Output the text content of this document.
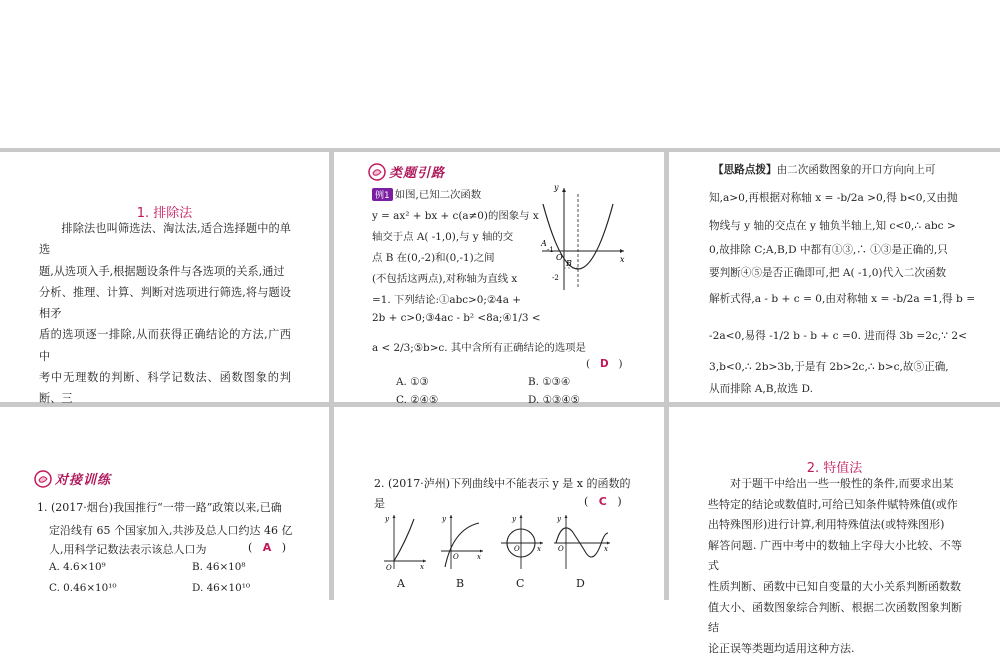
1. 排除法
排除法也叫筛选法、淘汰法,适合选择题中的单选
题,从选项入手,根据题设条件与各选项的关系,通过
分析、推理、计算、判断对选项进行筛选,将与题设相矛
盾的选项逐一排除,从而获得正确结论的方法,广西中
考中无理数的判断、科学记数法、函数图象的判断、三
类题引路
例1 如图,已知二次函数
y = ax² + bx + c(a≠0)的图象与 x
轴交于点 A( -1,0),与 y 轴的交
点 B 在(0,-2)和(0,-1)之间
(不包括这两点),对称轴为直线 x
=1. 下列结论:①abc>0;②4a +
2b + c>0;③4ac - b² <8a;④1/3 <
a < 2/3;⑤b>c. 其中含所有正确结论的选项是
(   D   )
A. ①③	B. ①③④
C. ②④⑤	D. ①③④⑤
y
x
O
A
B
-1
-2
【思路点拨】由二次函数图象的开口方向向上可
知,a>0,再根据对称轴 x = -b/2a >0,得 b<0,又由抛
物线与 y 轴的交点在 y 轴负半轴上,知 c<0,∴ abc >
0,故排除 C;A,B,D 中都有①③,∴ ①③是正确的,只
要判断④⑤是否正确即可,把 A( -1,0)代入二次函数
解析式得,a - b + c = 0,由对称轴 x = -b/2a =1,得 b =
-2a<0,易得 -1/2 b - b + c =0. 进而得 3b =2c,∵ 2<
3,b<0,∴ 2b>3b,于是有 2b>2c,∴ b>c,故⑤正确,
从而排除 A,B,故选 D.
对接训练
1. (2017·烟台)我国推行“一带一路”政策以来,已确
定沿线有 65 个国家加入,共涉及总人口约达 46 亿
人,用科学记数法表示该总人口为	(   A   )
A. 4.6×10⁹	B. 46×10⁸
C. 0.46×10¹⁰	D. 46×10¹⁰
2. (2017·泸州)下列曲线中不能表示 y 是 x 的函数的
是	(   C   )
y
x
O
A
y
x
O
B
y
x
O
C
y
x
O
D
2. 特值法
对于题干中给出一些一般性的条件,而要求出某
些特定的结论或数值时,可给已知条件赋特殊值(或作
出特殊图形)进行计算,利用特殊值法(或特殊图形)
解答问题. 广西中考中的数轴上字母大小比较、不等式
性质判断、函数中已知自变量的大小关系判断函数数
值大小、函数图象综合判断、根据二次函数图象判断结
论正误等类题均适用这种方法.
